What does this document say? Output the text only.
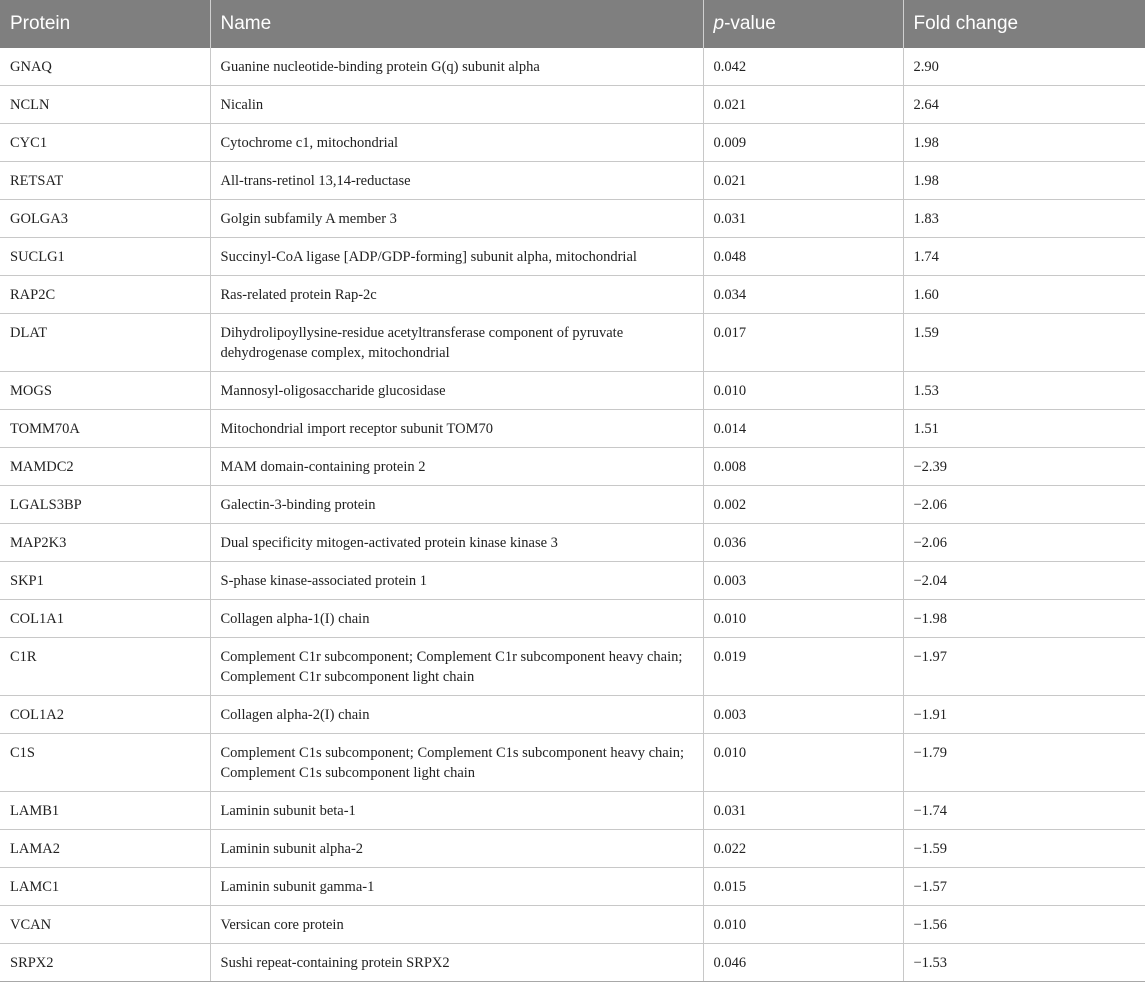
Protein	Name	p-value	Fold change
GNAQ	Guanine nucleotide-binding protein G(q) subunit alpha	0.042	2.90
NCLN	Nicalin	0.021	2.64
CYC1	Cytochrome c1, mitochondrial	0.009	1.98
RETSAT	All-trans-retinol 13,14-reductase	0.021	1.98
GOLGA3	Golgin subfamily A member 3	0.031	1.83
SUCLG1	Succinyl-CoA ligase [ADP/GDP-forming] subunit alpha, mitochondrial	0.048	1.74
RAP2C	Ras-related protein Rap-2c	0.034	1.60
DLAT	Dihydrolipoyllysine-residue acetyltransferase component of pyruvate dehydrogenase complex, mitochondrial	0.017	1.59
MOGS	Mannosyl-oligosaccharide glucosidase	0.010	1.53
TOMM70A	Mitochondrial import receptor subunit TOM70	0.014	1.51
MAMDC2	MAM domain-containing protein 2	0.008	−2.39
LGALS3BP	Galectin-3-binding protein	0.002	−2.06
MAP2K3	Dual specificity mitogen-activated protein kinase kinase 3	0.036	−2.06
SKP1	S-phase kinase-associated protein 1	0.003	−2.04
COL1A1	Collagen alpha-1(I) chain	0.010	−1.98
C1R	Complement C1r subcomponent; Complement C1r subcomponent heavy chain; Complement C1r subcomponent light chain	0.019	−1.97
COL1A2	Collagen alpha-2(I) chain	0.003	−1.91
C1S	Complement C1s subcomponent; Complement C1s subcomponent heavy chain; Complement C1s subcomponent light chain	0.010	−1.79
LAMB1	Laminin subunit beta-1	0.031	−1.74
LAMA2	Laminin subunit alpha-2	0.022	−1.59
LAMC1	Laminin subunit gamma-1	0.015	−1.57
VCAN	Versican core protein	0.010	−1.56
SRPX2	Sushi repeat-containing protein SRPX2	0.046	−1.53
